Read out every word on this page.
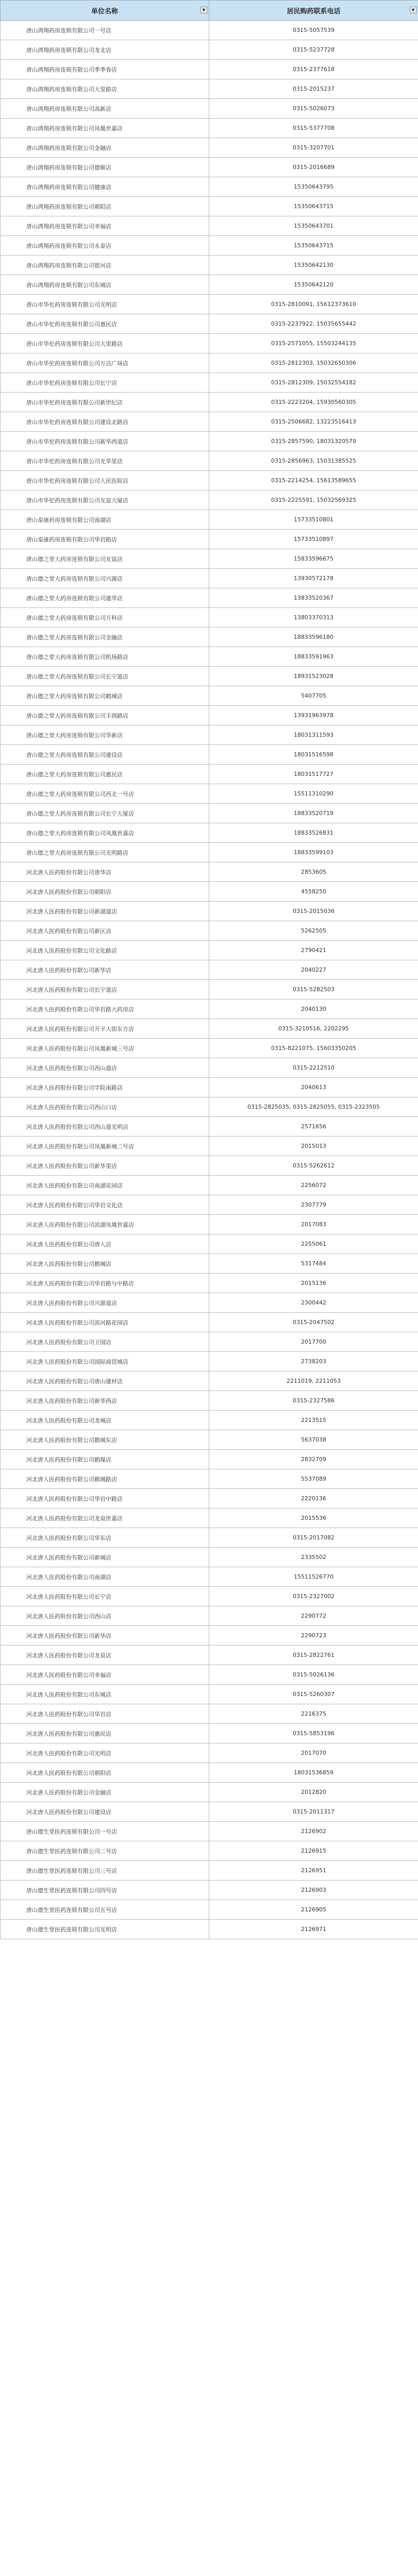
单位名称 ▼	居民购药联系电话 ▼

唐山鸿翔药房连锁有限公司一号店	0315-5057539
唐山鸿翔药房连锁有限公司龙北店	0315-5237728
唐山鸿翔药房连锁有限公司季季春店	0315-2377618
唐山鸿翔药房连锁有限公司大里路店	0315-2015237
唐山鸿翔药房连锁有限公司高新店	0315-5026073
唐山鸿翔药房连锁有限公司凤凰世嘉店	0315-5377708
唐山鸿翔药房连锁有限公司金融店	0315-3207701
唐山鸿翔药房连锁有限公司德顺店	0315-2016689
唐山鸿翔药房连锁有限公司健康店	15350643795
唐山鸿翔药房连锁有限公司朝阳店	15350643715
唐山鸿翔药房连锁有限公司幸福店	15350643701
唐山鸿翔药房连锁有限公司永泰店	15350643715
唐山鸿翔药房连锁有限公司银河店	15350642130
唐山鸿翔药房连锁有限公司东城店	15350642120
唐山市华佗药房连锁有限公司光明店	0315-2810091, 15612373610
唐山市华佗药房连锁有限公司惠民店	0315-2237922, 15035655442
唐山市华佗药房连锁有限公司大里路店	0315-2571055, 15503244135
唐山市华佗药房连锁有限公司万达广场店	0315-2812303, 15032650306
唐山市华佗药房连锁有限公司长宁店	0315-2812309, 15032554182
唐山市华佗药房连锁有限公司新世纪店	0315-2223204, 15930560305
唐山市华佗药房连锁有限公司建设北路店	0315-2506682, 13223516413
唐山市华佗药房连锁有限公司新华西道店	0315-2857590, 18031320579
唐山市华佗药房连锁有限公司光华里店	0315-2856963, 15031385525
唐山市华佗药房连锁有限公司人民医院店	0315-2214254, 15613589655
唐山市华佗药房连锁有限公司友谊大厦店	0315-2225591, 15032569325
唐山泰康药房连锁有限公司南湖店	15733510801
唐山泰康药房连锁有限公司华岩路店	15733510897
唐山德之堂大药房连锁有限公司友谊店	15833596675
唐山德之堂大药房连锁有限公司兴源店	13930572178
唐山德之堂大药房连锁有限公司建华店	13833520367
唐山德之堂大药房连锁有限公司万科店	13803370313
唐山德之堂大药房连锁有限公司金融店	18833596180
唐山德之堂大药房连锁有限公司机场路店	18833591963
唐山德之堂大药房连锁有限公司长宁道店	18931523028
唐山德之堂大药房连锁有限公司鹤城店	5407705
唐山德之堂大药房连锁有限公司丰润路店	13931963978
唐山德之堂大药房连锁有限公司华新店	18031311593
唐山德之堂大药房连锁有限公司建设店	18031516598
唐山德之堂大药房连锁有限公司惠民店	18031517727
唐山德之堂大药房连锁有限公司西北一号店	15511310290
唐山德之堂大药房连锁有限公司长宁大厦店	18833520719
唐山德之堂大药房连锁有限公司凤凰世嘉店	18833526831
唐山德之堂大药房连锁有限公司光明路店	18833599103
河北唐人医药股份有限公司唐华店	2853605
河北唐人医药股份有限公司朝阳店	4558250
河北唐人医药股份有限公司新湖道店	0315-2015036
河北唐人医药股份有限公司新区店	5262505
河北唐人医药股份有限公司文化路店	2790421
河北唐人医药股份有限公司新华店	2040227
河北唐人医药股份有限公司长宁道店	0315-5282503
河北唐人医药股份有限公司华岩路大药房店	2040130
河北唐人医药股份有限公司开平大街东方店	0315-3210516, 2202295
河北唐人医药股份有限公司凤凰新城三号店	0315-8221075, 15603350205
河北唐人医药股份有限公司西山道店	0315-2212510
河北唐人医药股份有限公司学院南路店	2040613
河北唐人医药股份有限公司西山口店	0315-2825035, 0315-2825055, 0315-2323505
河北唐人医药股份有限公司西山道光明店	2571656
河北唐人医药股份有限公司凤凰新城二号店	2015013
河北唐人医药股份有限公司新华里店	0315-5262612
河北唐人医药股份有限公司南湖花园店	2256072
河北唐人医药股份有限公司华岩文化店	2307779
河北唐人医药股份有限公司滨湖凤凰世嘉店	2017083
河北唐人医药股份有限公司唐人店	2255061
河北唐人医药股份有限公司鹤城店	5317484
河北唐人医药股份有限公司华岩路与中路店	2015136
河北唐人医药股份有限公司兴源道店	2300442
河北唐人医药股份有限公司滨河路花园店	0315-2047502
河北唐人医药股份有限公司卫国店	2017700
河北唐人医药股份有限公司国际商贸城店	2738203
河北唐人医药股份有限公司唐山建材店	2211019, 2211053
河北唐人医药股份有限公司新华西店	0315-2327586
河北唐人医药股份有限公司龙城店	2213515
河北唐人医药股份有限公司鹤城东店	5637038
河北唐人医药股份有限公司鹤煤店	2832709
河北唐人医药股份有限公司鹤城路店	5537089
河北唐人医药股份有限公司华岩中路店	2220136
河北唐人医药股份有限公司龙泉世嘉店	2015536
河北唐人医药股份有限公司华东店	0315-2017082
河北唐人医药股份有限公司新城店	2335502
河北唐人医药股份有限公司南湖店	15511526770
河北唐人医药股份有限公司长宁店	0315-2327002
河北唐人医药股份有限公司西山店	2290772
河北唐人医药股份有限公司新华店	2290723
河北唐人医药股份有限公司龙泉店	0315-2822761
河北唐人医药股份有限公司幸福店	0315-5026136
河北唐人医药股份有限公司东城店	0315-5260307
河北唐人医药股份有限公司华岩店	2216375
河北唐人医药股份有限公司惠民店	0315-5853196
河北唐人医药股份有限公司光明店	2017070
河北唐人医药股份有限公司朝阳店	18031536859
河北唐人医药股份有限公司金融店	2012820
河北唐人医药股份有限公司建设店	0315-2011317
唐山德生堂医药连锁有限公司一号店	2126902
唐山德生堂医药连锁有限公司二号店	2126915
唐山德生堂医药连锁有限公司三号店	2126951
唐山德生堂医药连锁有限公司四号店	2126903
唐山德生堂医药连锁有限公司五号店	2126905
唐山德生堂医药连锁有限公司光明店	2126971
